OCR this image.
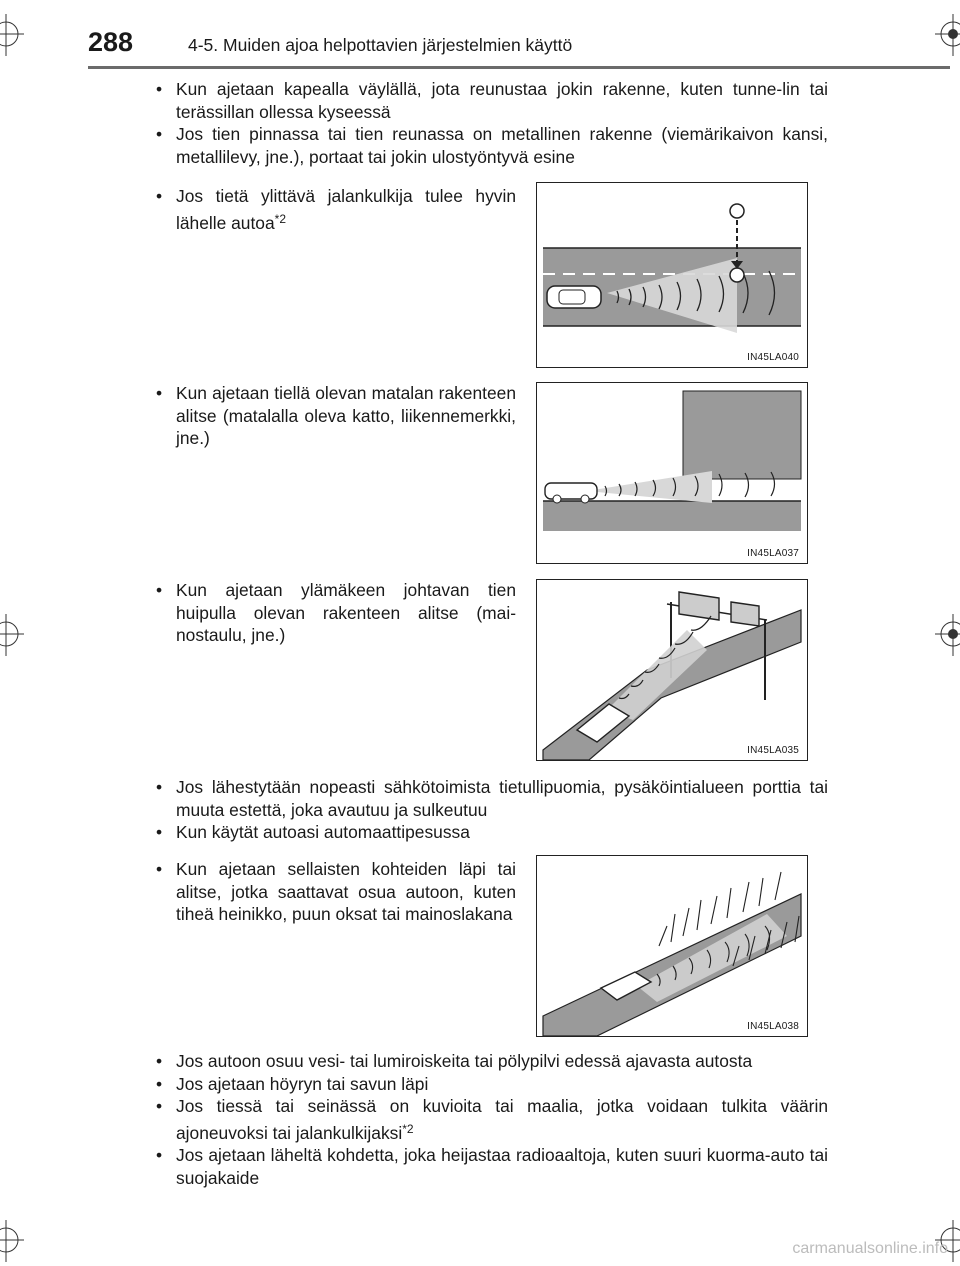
288	4-5. Muiden ajoa helpottavien järjestelmien käyttö
• Kun ajetaan kapealla väylällä, jota reunustaa jokin rakenne, kuten tunne-lin tai terässillan ollessa kyseessä
• Jos tien pinnassa tai tien reunassa on metallinen rakenne (viemärikaivon kansi, metallilevy, jne.), portaat tai jokin ulostyöntyvä esine
• Jos tietä ylittävä jalankulkija tulee hyvin lähelle autoa$^{*2}$
IN45LA040
• Kun ajetaan tiellä olevan matalan rakenteen alitse (matalalla oleva katto, liikennemerkki, jne.)
IN45LA037
• Kun ajetaan ylämäkeen johtavan tien huipulla olevan rakenteen alitse (mai-nostaulu, jne.)
IN45LA035
• Jos lähestytään nopeasti sähkötoimista tietullipuomia, pysäköintialueen porttia tai muuta estettä, joka avautuu ja sulkeutuu
• Kun käytät autoasi automaattipesussa
• Kun ajetaan sellaisten kohteiden läpi tai alitse, jotka saattavat osua autoon, kuten tiheä heinikko, puun oksat tai mainoslakana
IN45LA038
• Jos autoon osuu vesi- tai lumiroiskeita tai pölypilvi edessä ajavasta autosta
• Jos ajetaan höyryn tai savun läpi
• Jos tiessä tai seinässä on kuvioita tai maalia, jotka voidaan tulkita väärin ajoneuvoksi tai jalankulkijaksi$^{*2}$
• Jos ajetaan läheltä kohdetta, joka heijastaa radioaaltoja, kuten suuri kuorma-auto tai suojakaide
carmanualsonline.info
